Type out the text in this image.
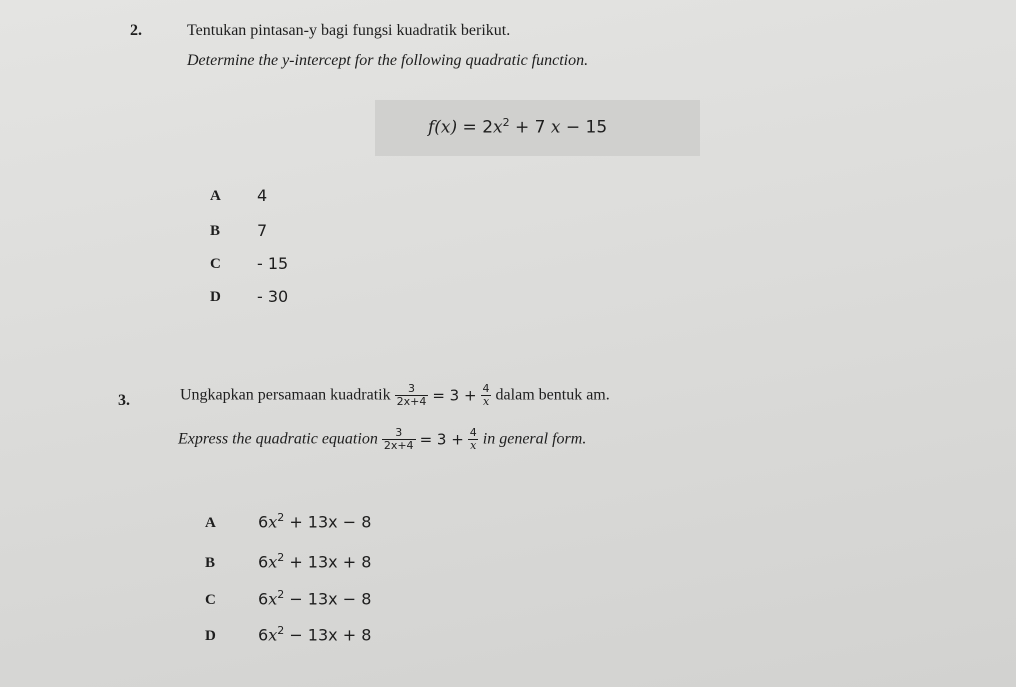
2.	Tentukan pintasan-y bagi fungsi kuadratik berikut.
Determine the y-intercept for the following quadratic function.
$f(x) = 2x^2 + 7$ x − 15
A 4
B 7
C - 15
D - 30
3.	Ungkapkan persamaan kuadratik $\frac{3}{2x+4} = 3 + \frac{4}{x}$ dalam bentuk am.
Express the quadratic equation $\frac{3}{2x+4} = 3 + \frac{4}{x}$ in general form.
A	$6x^2 + 13x - 8$
B	$6x^2 + 13x + 8$
C	$6x^2 - 13x - 8$
D	$6x^2 - 13x + 8$
